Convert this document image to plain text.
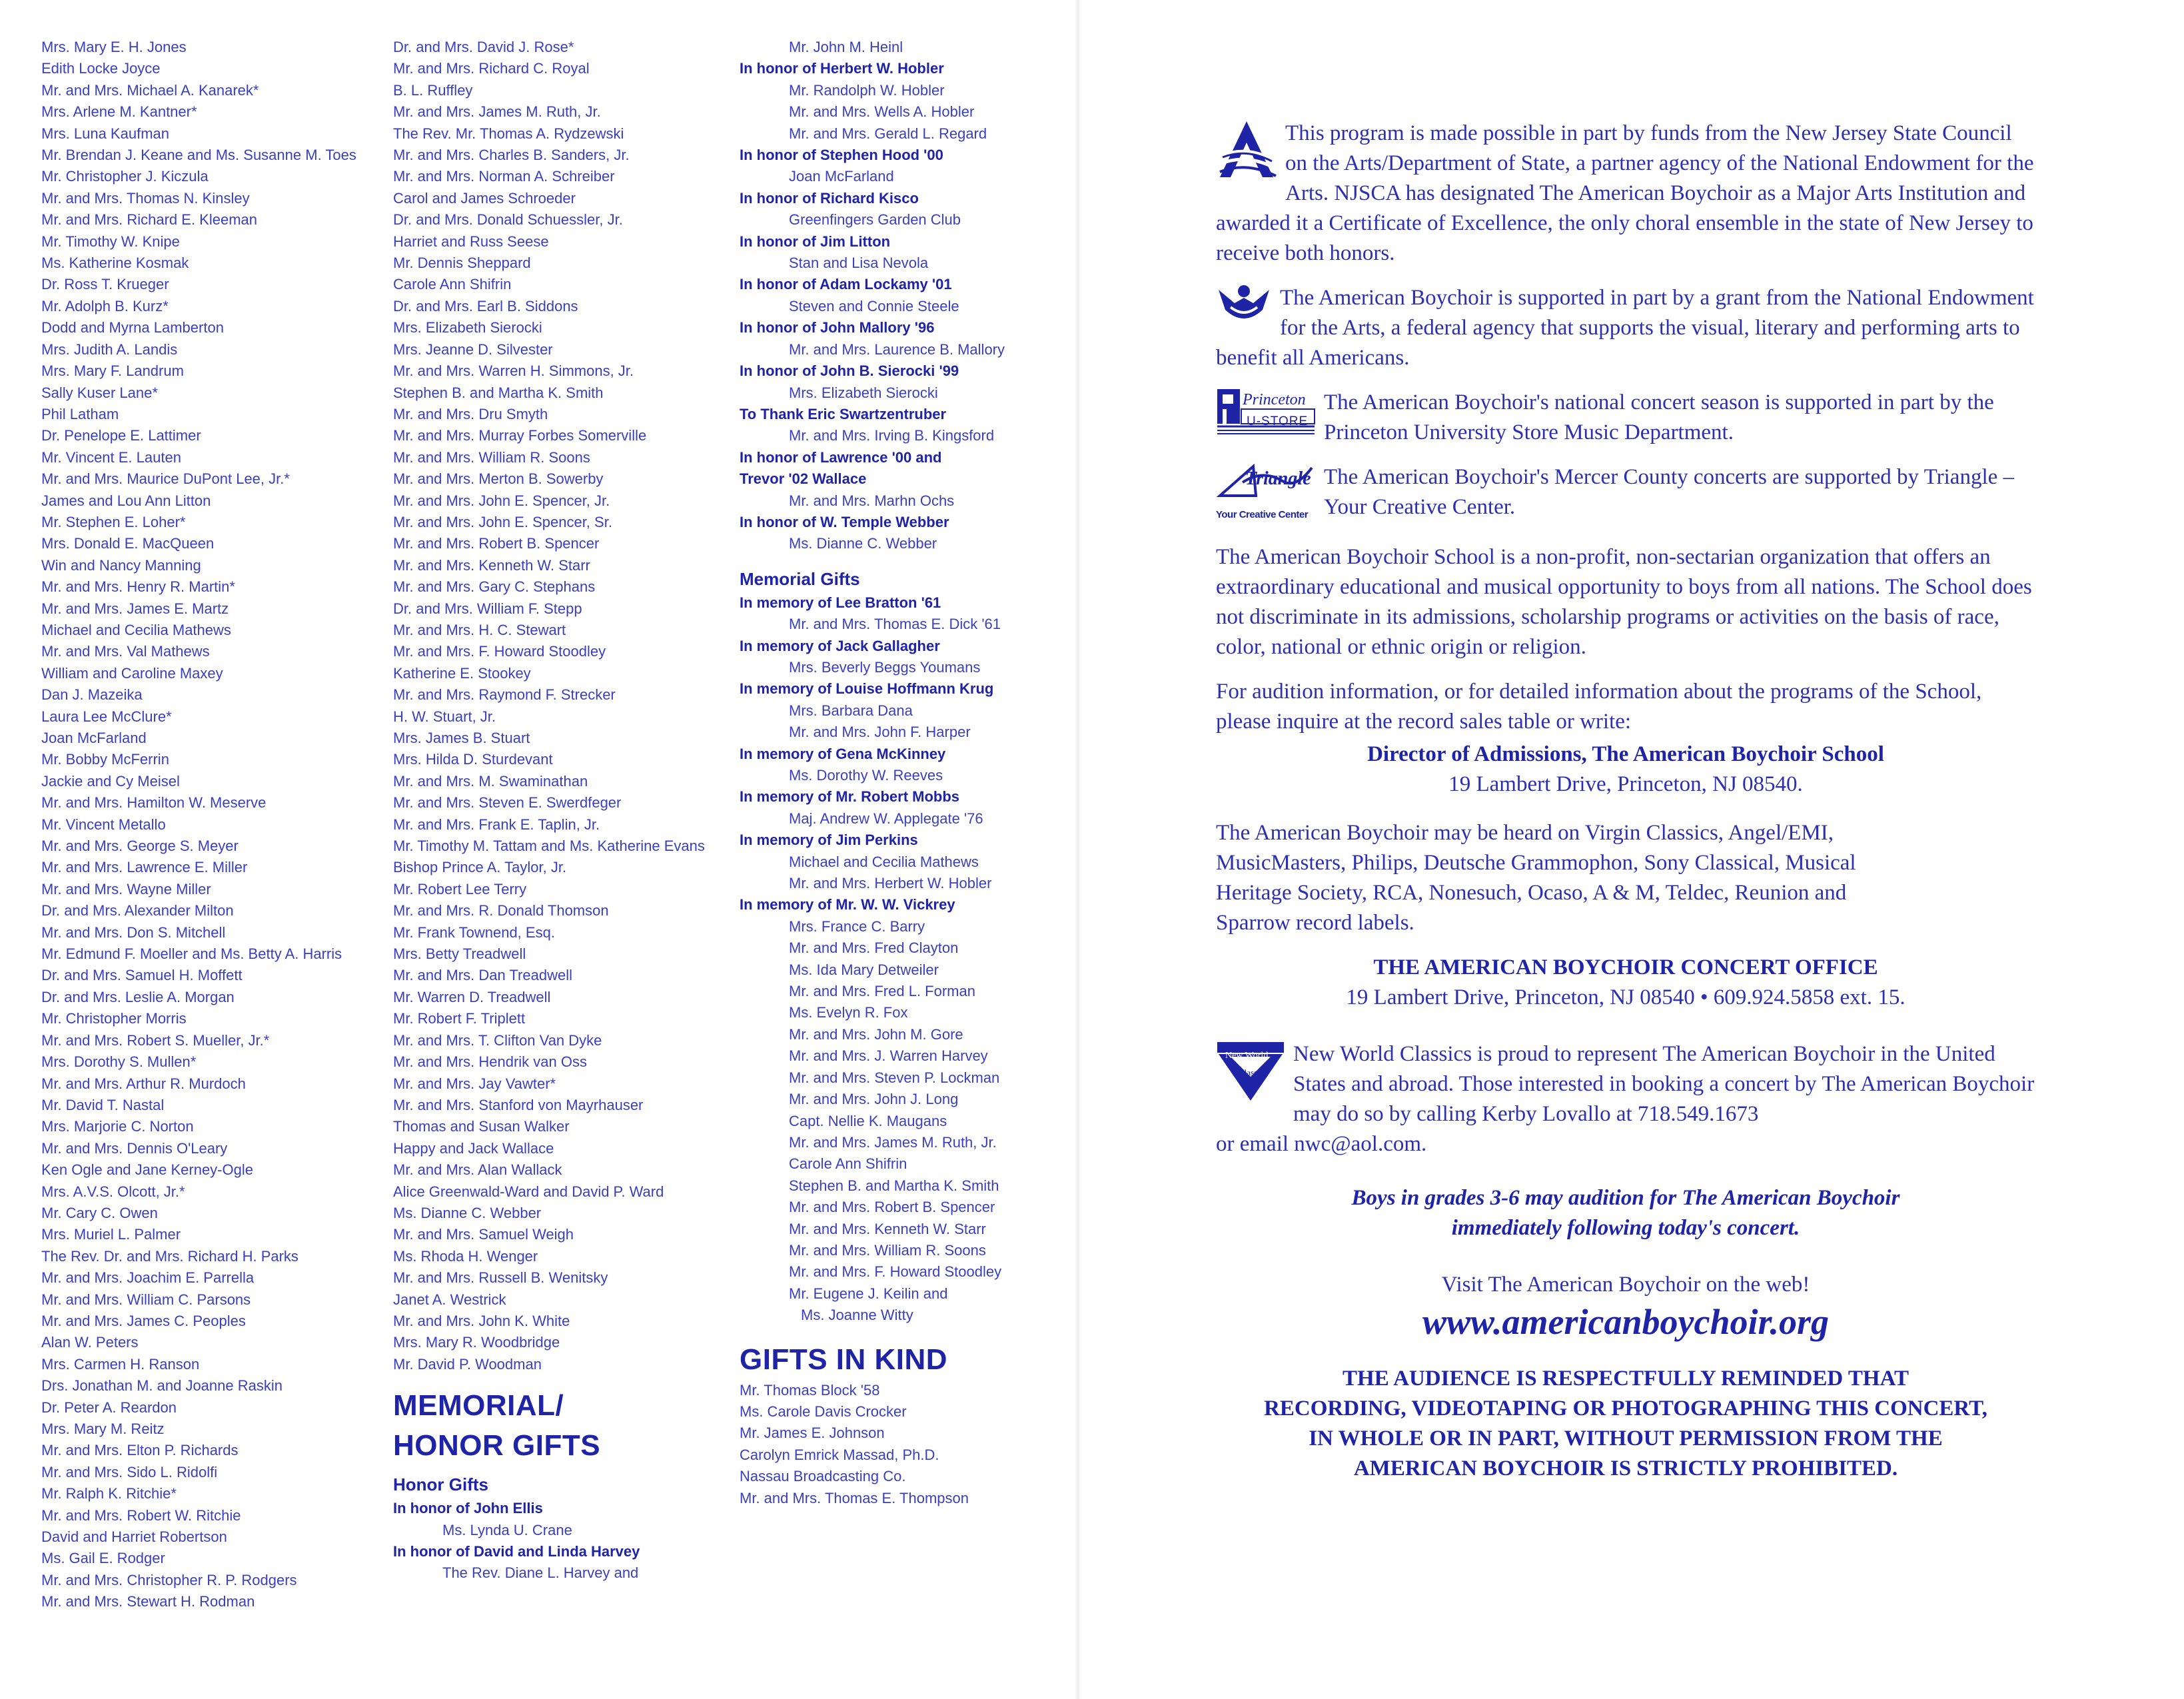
Mrs. Mary E. H. Jones
Edith Locke Joyce
Mr. and Mrs. Michael A. Kanarek*
Mrs. Arlene M. Kantner*
Mrs. Luna Kaufman
Mr. Brendan J. Keane and Ms. Susanne M. Toes
Mr. Christopher J. Kiczula
Mr. and Mrs. Thomas N. Kinsley
Mr. and Mrs. Richard E. Kleeman
Mr. Timothy W. Knipe
Ms. Katherine Kosmak
Dr. Ross T. Krueger
Mr. Adolph B. Kurz*
Dodd and Myrna Lamberton
Mrs. Judith A. Landis
Mrs. Mary F. Landrum
Sally Kuser Lane*
Phil Latham
Dr. Penelope E. Lattimer
Mr. Vincent E. Lauten
Mr. and Mrs. Maurice DuPont Lee, Jr.*
James and Lou Ann Litton
Mr. Stephen E. Loher*
Mrs. Donald E. MacQueen
Win and Nancy Manning
Mr. and Mrs. Henry R. Martin*
Mr. and Mrs. James E. Martz
Michael and Cecilia Mathews
Mr. and Mrs. Val Mathews
William and Caroline Maxey
Dan J. Mazeika
Laura Lee McClure*
Joan McFarland
Mr. Bobby McFerrin
Jackie and Cy Meisel
Mr. and Mrs. Hamilton W. Meserve
Mr. Vincent Metallo
Mr. and Mrs. George S. Meyer
Mr. and Mrs. Lawrence E. Miller
Mr. and Mrs. Wayne Miller
Dr. and Mrs. Alexander Milton
Mr. and Mrs. Don S. Mitchell
Mr. Edmund F. Moeller and Ms. Betty A. Harris
Dr. and Mrs. Samuel H. Moffett
Dr. and Mrs. Leslie A. Morgan
Mr. Christopher Morris
Mr. and Mrs. Robert S. Mueller, Jr.*
Mrs. Dorothy S. Mullen*
Mr. and Mrs. Arthur R. Murdoch
Mr. David T. Nastal
Mrs. Marjorie C. Norton
Mr. and Mrs. Dennis O'Leary
Ken Ogle and Jane Kerney-Ogle
Mrs. A.V.S. Olcott, Jr.*
Mr. Cary C. Owen
Mrs. Muriel L. Palmer
The Rev. Dr. and Mrs. Richard H. Parks
Mr. and Mrs. Joachim E. Parrella
Mr. and Mrs. William C. Parsons
Mr. and Mrs. James C. Peoples
Alan W. Peters
Mrs. Carmen H. Ranson
Drs. Jonathan M. and Joanne Raskin
Dr. Peter A. Reardon
Mrs. Mary M. Reitz
Mr. and Mrs. Elton P. Richards
Mr. and Mrs. Sido L. Ridolfi
Mr. Ralph K. Ritchie*
Mr. and Mrs. Robert W. Ritchie
David and Harriet Robertson
Ms. Gail E. Rodger
Mr. and Mrs. Christopher R. P. Rodgers
Mr. and Mrs. Stewart H. Rodman
Dr. and Mrs. David J. Rose*
Mr. and Mrs. Richard C. Royal
B. L. Ruffley
Mr. and Mrs. James M. Ruth, Jr.
The Rev. Mr. Thomas A. Rydzewski
Mr. and Mrs. Charles B. Sanders, Jr.
Mr. and Mrs. Norman A. Schreiber
Carol and James Schroeder
Dr. and Mrs. Donald Schuessler, Jr.
Harriet and Russ Seese
Mr. Dennis Sheppard
Carole Ann Shifrin
Dr. and Mrs. Earl B. Siddons
Mrs. Elizabeth Sierocki
Mrs. Jeanne D. Silvester
Mr. and Mrs. Warren H. Simmons, Jr.
Stephen B. and Martha K. Smith
Mr. and Mrs. Dru Smyth
Mr. and Mrs. Murray Forbes Somerville
Mr. and Mrs. William R. Soons
Mr. and Mrs. Merton B. Sowerby
Mr. and Mrs. John E. Spencer, Jr.
Mr. and Mrs. John E. Spencer, Sr.
Mr. and Mrs. Robert B. Spencer
Mr. and Mrs. Kenneth W. Starr
Mr. and Mrs. Gary C. Stephans
Dr. and Mrs. William F. Stepp
Mr. and Mrs. H. C. Stewart
Mr. and Mrs. F. Howard Stoodley
Katherine E. Stookey
Mr. and Mrs. Raymond F. Strecker
H. W. Stuart, Jr.
Mrs. James B. Stuart
Mrs. Hilda D. Sturdevant
Mr. and Mrs. M. Swaminathan
Mr. and Mrs. Steven E. Swerdfeger
Mr. and Mrs. Frank E. Taplin, Jr.
Mr. Timothy M. Tattam and Ms. Katherine Evans
Bishop Prince A. Taylor, Jr.
Mr. Robert Lee Terry
Mr. and Mrs. R. Donald Thomson
Mr. Frank Townend, Esq.
Mrs. Betty Treadwell
Mr. and Mrs. Dan Treadwell
Mr. Warren D. Treadwell
Mr. Robert F. Triplett
Mr. and Mrs. T. Clifton Van Dyke
Mr. and Mrs. Hendrik van Oss
Mr. and Mrs. Jay Vawter*
Mr. and Mrs. Stanford von Mayrhauser
Thomas and Susan Walker
Happy and Jack Wallace
Mr. and Mrs. Alan Wallack
Alice Greenwald-Ward and David P. Ward
Ms. Dianne C. Webber
Mr. and Mrs. Samuel Weigh
Ms. Rhoda H. Wenger
Mr. and Mrs. Russell B. Wenitsky
Janet A. Westrick
Mr. and Mrs. John K. White
Mrs. Mary R. Woodbridge
Mr. David P. Woodman
MEMORIAL/
HONOR GIFTS
Honor Gifts
In honor of John Ellis
Ms. Lynda U. Crane
In honor of David and Linda Harvey
The Rev. Diane L. Harvey and
Mr. John M. Heinl
In honor of Herbert W. Hobler
Mr. Randolph W. Hobler
Mr. and Mrs. Wells A. Hobler
Mr. and Mrs. Gerald L. Regard
In honor of Stephen Hood '00
Joan McFarland
In honor of Richard Kisco
Greenfingers Garden Club
In honor of Jim Litton
Stan and Lisa Nevola
In honor of Adam Lockamy '01
Steven and Connie Steele
In honor of John Mallory '96
Mr. and Mrs. Laurence B. Mallory
In honor of John B. Sierocki '99
Mrs. Elizabeth Sierocki
To Thank Eric Swartzentruber
Mr. and Mrs. Irving B. Kingsford
In honor of Lawrence '00 and
Trevor '02 Wallace
Mr. and Mrs. Marhn Ochs
In honor of W. Temple Webber
Ms. Dianne C. Webber
Memorial Gifts
In memory of Lee Bratton '61
Mr. and Mrs. Thomas E. Dick '61
In memory of Jack Gallagher
Mrs. Beverly Beggs Youmans
In memory of Louise Hoffmann Krug
Mrs. Barbara Dana
Mr. and Mrs. John F. Harper
In memory of Gena McKinney
Ms. Dorothy W. Reeves
In memory of Mr. Robert Mobbs
Maj. Andrew W. Applegate '76
In memory of Jim Perkins
Michael and Cecilia Mathews
Mr. and Mrs. Herbert W. Hobler
In memory of Mr. W. W. Vickrey
Mrs. France C. Barry
Mr. and Mrs. Fred Clayton
Ms. Ida Mary Detweiler
Mr. and Mrs. Fred L. Forman
Ms. Evelyn R. Fox
Mr. and Mrs. John M. Gore
Mr. and Mrs. J. Warren Harvey
Mr. and Mrs. Steven P. Lockman
Mr. and Mrs. John J. Long
Capt. Nellie K. Maugans
Mr. and Mrs. James M. Ruth, Jr.
Carole Ann Shifrin
Stephen B. and Martha K. Smith
Mr. and Mrs. Robert B. Spencer
Mr. and Mrs. Kenneth W. Starr
Mr. and Mrs. William R. Soons
Mr. and Mrs. F. Howard Stoodley
Mr. Eugene J. Keilin and
Ms. Joanne Witty
GIFTS IN KIND
Mr. Thomas Block '58
Ms. Carole Davis Crocker
Mr. James E. Johnson
Carolyn Emrick Massad, Ph.D.
Nassau Broadcasting Co.
Mr. and Mrs. Thomas E. Thompson
This program is made possible in part by funds from the New Jersey State Council on the Arts/Department of State, a partner agency of the National Endowment for the Arts. NJSCA has designated The American Boychoir as a Major Arts Institution and awarded it a Certificate of Excellence, the only choral ensemble in the state of New Jersey to receive both honors.
The American Boychoir is supported in part by a grant from the National Endowment for the Arts, a federal agency that supports the visual, literary and performing arts to benefit all Americans.
Princeton
U-STORE
The American Boychoir's national concert season is supported in part by the Princeton University Store Music Department.
Triangle
Your Creative Center
The American Boychoir's Mercer County concerts are supported by Triangle – Your Creative Center.

The American Boychoir School is a non-profit, non-sectarian organization that offers an extraordinary educational and musical opportunity to boys from all nations. The School does not discriminate in its admissions, scholarship programs or activities on the basis of race, color, national or ethnic origin or religion.

For audition information, or for detailed information about the programs of the School, please inquire at the record sales table or write:

Director of Admissions, The American Boychoir School
19 Lambert Drive, Princeton, NJ 08540.

The American Boychoir may be heard on Virgin Classics, Angel/EMI, MusicMasters, Philips, Deutsche Grammophon, Sony Classical, Musical Heritage Society, RCA, Nonesuch, Ocaso, A & M, Teldec, Reunion and Sparrow record labels.

THE AMERICAN BOYCHOIR CONCERT OFFICE
19 Lambert Drive, Princeton, NJ 08540 • 609.924.5858 ext. 15.
New World
Classics
New World Classics is proud to represent The American Boychoir in the United States and abroad. Those interested in booking a concert by The American Boychoir may do so by calling Kerby Lovallo at 718.549.1673
or email nwc@aol.com.
Boys in grades 3-6 may audition for The American Boychoir
immediately following today's concert.
Visit The American Boychoir on the web!
www.americanboychoir.org
THE AUDIENCE IS RESPECTFULLY REMINDED THAT
RECORDING, VIDEOTAPING OR PHOTOGRAPHING THIS CONCERT,
IN WHOLE OR IN PART, WITHOUT PERMISSION FROM THE
AMERICAN BOYCHOIR IS STRICTLY PROHIBITED.
